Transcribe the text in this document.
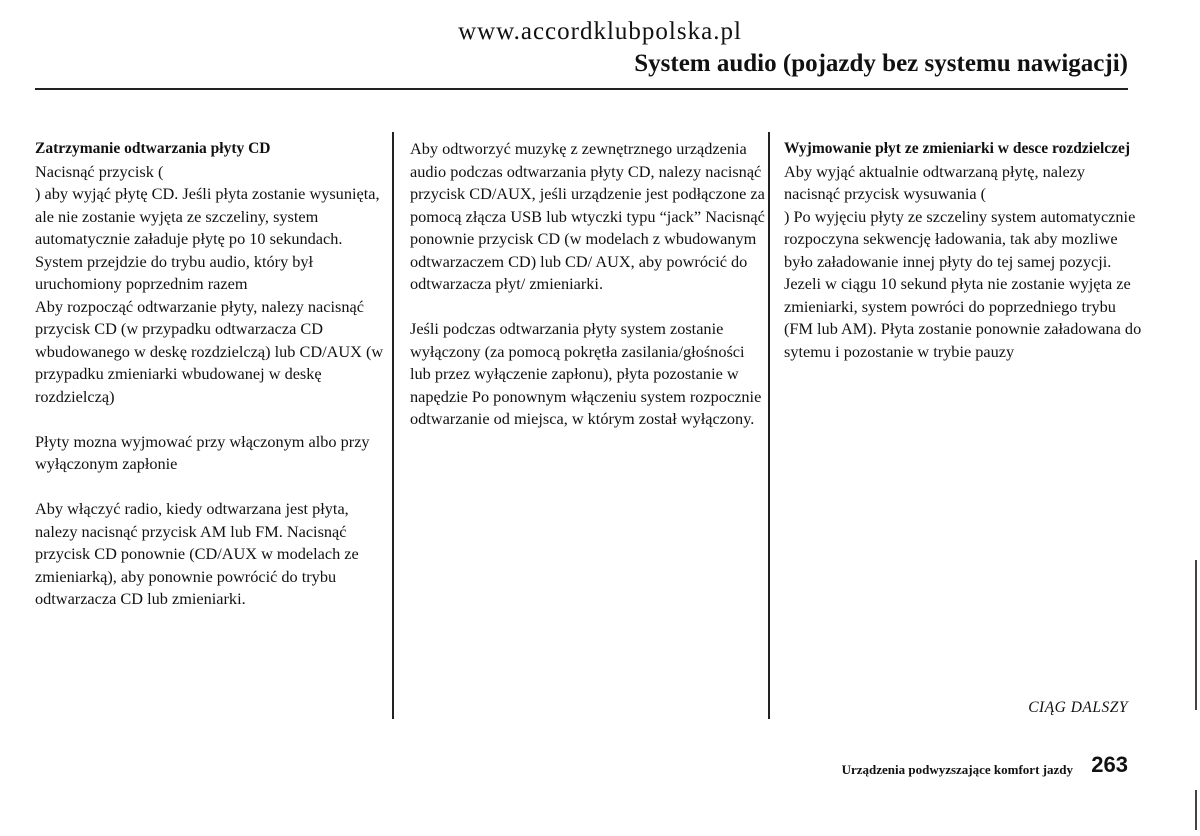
www.accordklubpolska.pl
System audio (pojazdy bez systemu nawigacji)

Zatrzymanie odtwarzania płyty CD

Nacisnąć przycisk (

) aby wyjąć płytę CD. Jeśli płyta zostanie wysunięta, ale nie zostanie wyjęta ze szczeliny, system automatycznie załaduje płytę po 10 sekundach. System przejdzie do trybu audio, który był uruchomiony poprzednim razem

Aby rozpocząć odtwarzanie płyty, nalezy nacisnąć przycisk CD (w przypadku odtwarzacza CD wbudowanego w deskę rozdzielczą) lub CD/AUX (w przypadku zmieniarki wbudowanej w deskę rozdzielczą)

Płyty mozna wyjmować przy włączonym albo przy wyłączonym zapłonie

Aby włączyć radio, kiedy odtwarzana jest płyta, nalezy nacisnąć przycisk AM lub FM. Nacisnąć przycisk CD ponownie (CD/AUX w modelach ze zmieniarką), aby ponownie powrócić do trybu odtwarzacza CD lub zmieniarki.

Aby odtworzyć muzykę z zewnętrznego urządzenia audio podczas odtwarzania płyty CD, nalezy nacisnąć przycisk CD/AUX, jeśli urządzenie jest podłączone za pomocą złącza USB lub wtyczki typu “jack” Nacisnąć ponownie przycisk CD (w modelach z wbudowanym odtwarzaczem CD) lub CD/ AUX, aby powrócić do odtwarzacza płyt/ zmieniarki.

Jeśli podczas odtwarzania płyty system zostanie wyłączony (za pomocą pokrętła zasilania/głośności lub przez wyłączenie zapłonu), płyta pozostanie w napędzie Po ponownym włączeniu system rozpocznie odtwarzanie od miejsca, w którym został wyłączony.

Wyjmowanie płyt ze zmieniarki w desce rozdzielczej

Aby wyjąć aktualnie odtwarzaną płytę, nalezy nacisnąć przycisk wysuwania (

) Po wyjęciu płyty ze szczeliny system automatycznie rozpoczyna sekwencję ładowania, tak aby mozliwe było załadowanie innej płyty do tej samej pozycji. Jezeli w ciągu 10 sekund płyta nie zostanie wyjęta ze zmieniarki, system powróci do poprzedniego trybu (FM lub AM). Płyta zostanie ponownie załadowana do sytemu i pozostanie w trybie pauzy

CIĄG DALSZY
Urządzenia podwyzszające komfort jazdy 263
